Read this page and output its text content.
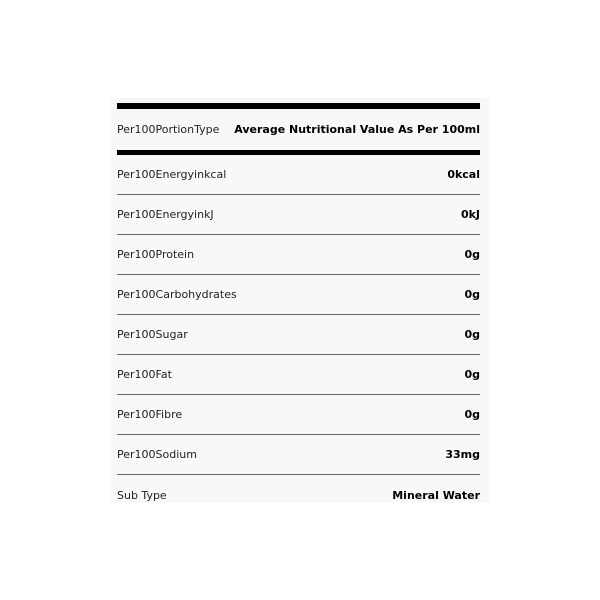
Per100PortionType Average Nutritional Value As Per 100ml
Per100Energyinkcal	0kcal
Per100EnergyinkJ	0kJ
Per100Protein	0g
Per100Carbohydrates	0g
Per100Sugar	0g
Per100Fat	0g
Per100Fibre	0g
Per100Sodium	33mg
Sub Type	Mineral Water
